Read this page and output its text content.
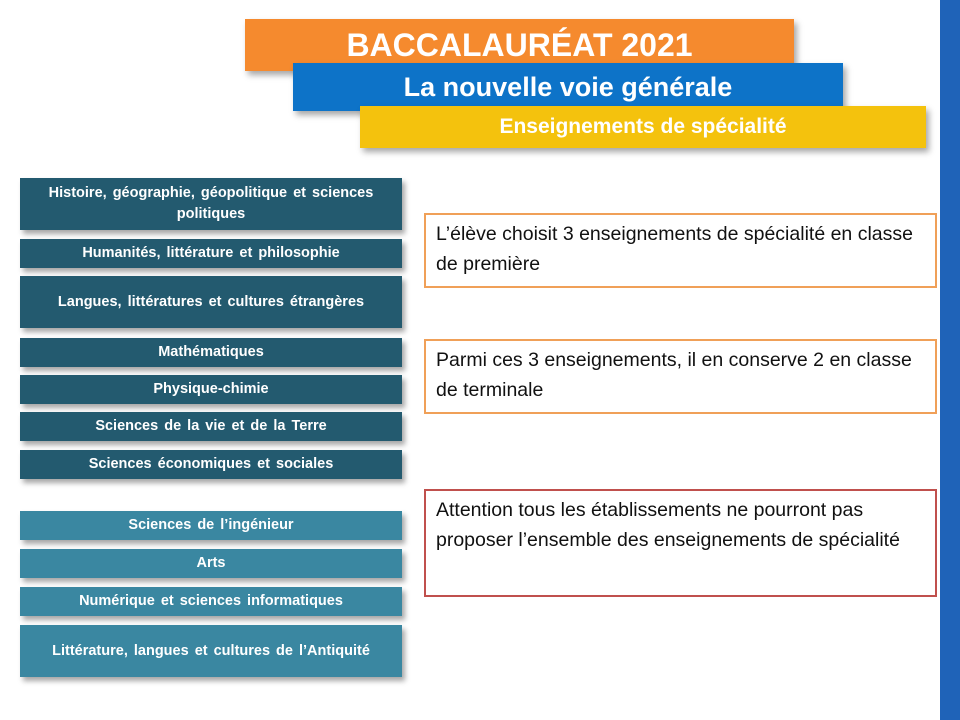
BACCALAURÉAT 2021
La nouvelle voie générale
Enseignements de spécialité
Histoire, géographie, géopolitique et sciences politiques
Humanités, littérature et philosophie
Langues, littératures et cultures étrangères
Mathématiques
Physique-chimie
Sciences de la vie et de la Terre
Sciences économiques et sociales
Sciences de l’ingénieur
Arts
Numérique et sciences informatiques
Littérature, langues et cultures de l’Antiquité
L’élève choisit 3 enseignements de spécialité en classe de première
Parmi ces 3 enseignements, il en conserve 2 en classe de terminale
Attention tous les établissements ne pourront pas proposer l’ensemble des enseignements de spécialité
